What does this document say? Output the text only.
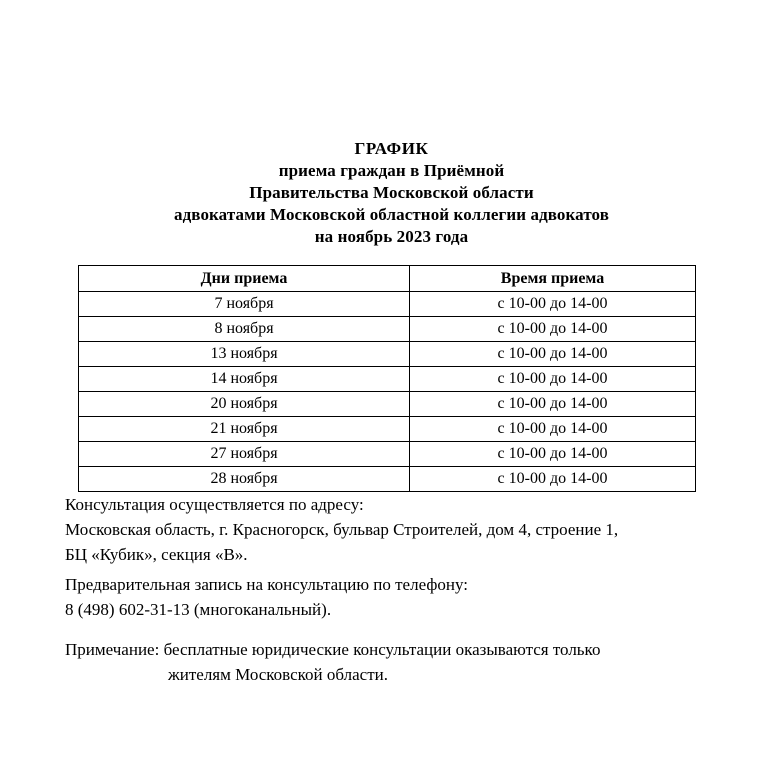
ГРАФИК
приема граждан в Приёмной
Правительства Московской области
адвокатами Московской областной коллегии адвокатов
на ноябрь 2023 года
Дни приема	Время приема
7 ноября	с 10-00 до 14-00
8 ноября	с 10-00 до 14-00
13 ноября	с 10-00 до 14-00
14 ноября	с 10-00 до 14-00
20 ноября	с 10-00 до 14-00
21 ноября	с 10-00 до 14-00
27 ноября	с 10-00 до 14-00
28 ноября	с 10-00 до 14-00
Консультация осуществляется по адресу:
Московская область, г. Красногорск, бульвар Строителей, дом 4, строение 1,
БЦ «Кубик», секция «В».
Предварительная запись на консультацию по телефону:
8 (498) 602-31-13 (многоканальный).
Примечание: бесплатные юридические консультации оказываются только
жителям Московской области.
